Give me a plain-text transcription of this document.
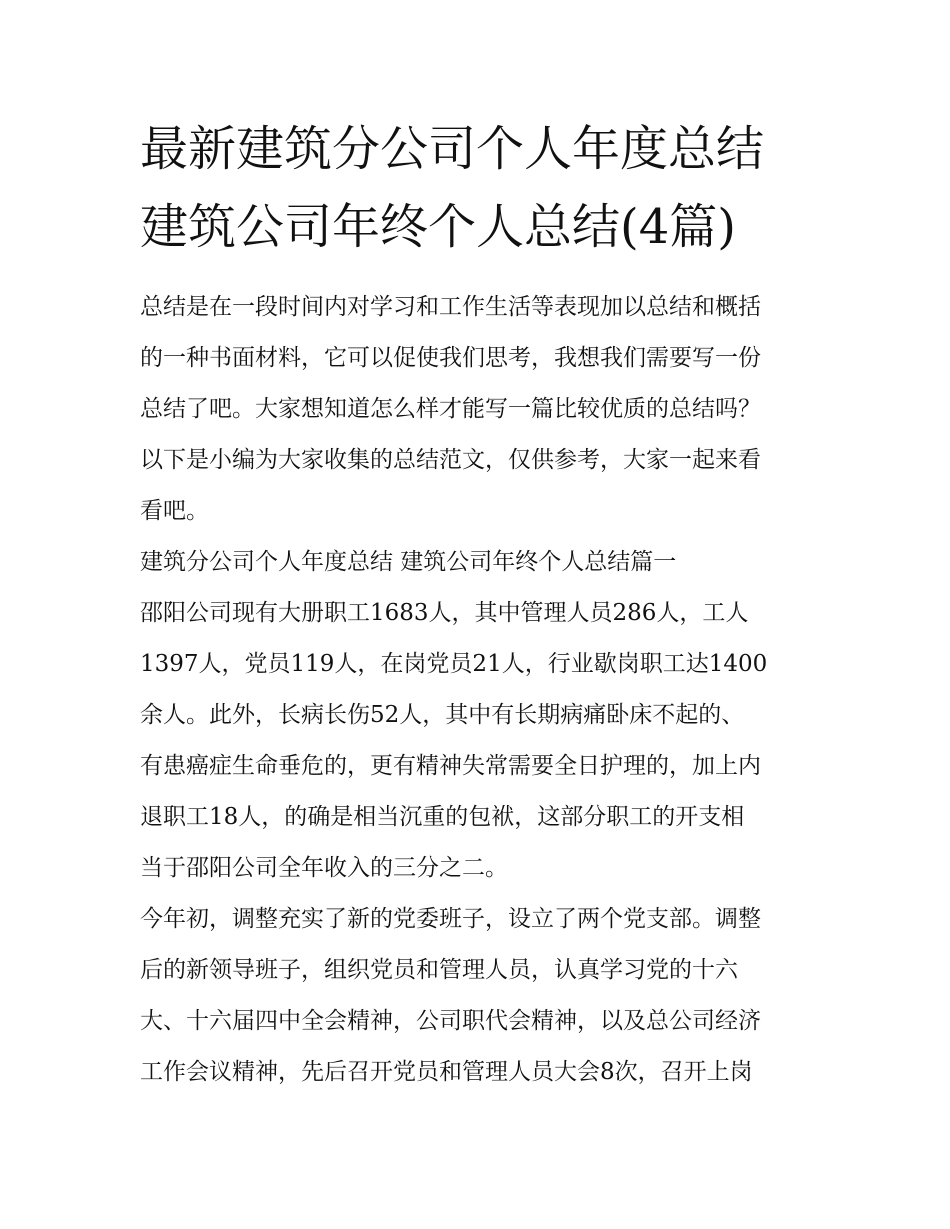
最新建筑分公司个人年度总结
建筑公司年终个人总结(4篇)

总结是在一段时间内对学习和工作生活等表现加以总结和概括
的一种书面材料，它可以促使我们思考，我想我们需要写一份
总结了吧。大家想知道怎么样才能写一篇比较优质的总结吗？
以下是小编为大家收集的总结范文，仅供参考，大家一起来看
看吧。

建筑分公司个人年度总结 建筑公司年终个人总结篇一

邵阳公司现有大册职工1683人，其中管理人员286人，工人
1397人，党员119人，在岗党员21人，行业歇岗职工达1400
余人。此外，长病长伤52人，其中有长期病痛卧床不起的、
有患癌症生命垂危的，更有精神失常需要全日护理的，加上内
退职工18人，的确是相当沉重的包袱，这部分职工的开支相
当于邵阳公司全年收入的三分之二。

今年初，调整充实了新的党委班子，设立了两个党支部。调整
后的新领导班子，组织党员和管理人员，认真学习党的十六
大、十六届四中全会精神，公司职代会精神，以及总公司经济
工作会议精神，先后召开党员和管理人员大会8次，召开上岗
